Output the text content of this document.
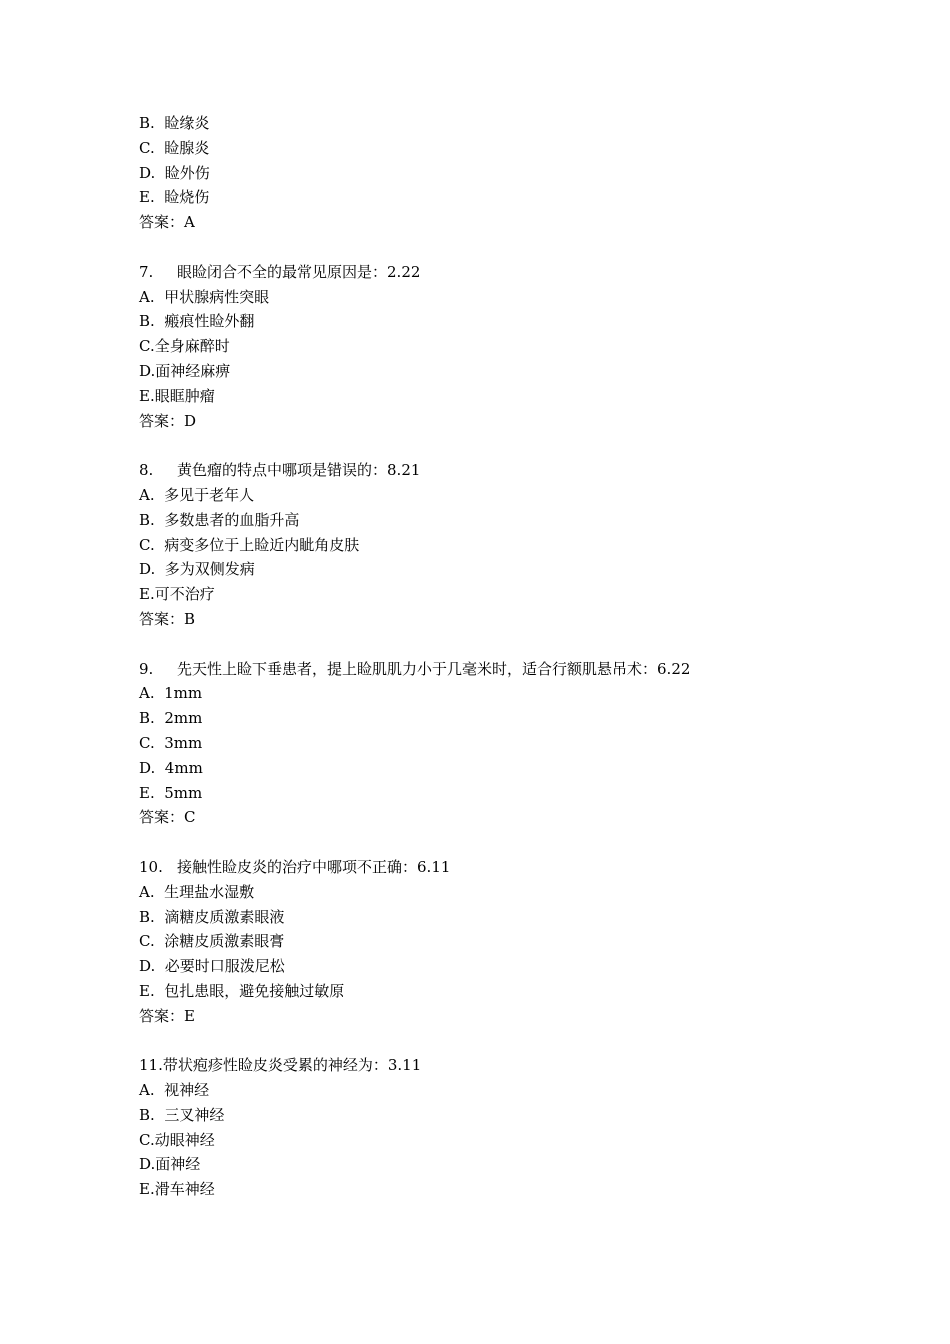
B.  睑缘炎
C.  睑腺炎
D.  睑外伤
E.  睑烧伤
答案：A
7. 眼睑闭合不全的最常见原因是：2.22
A.  甲状腺病性突眼
B.  瘢痕性睑外翻
C.全身麻醉时
D.面神经麻痹
E.眼眶肿瘤
答案：D
8. 黄色瘤的特点中哪项是错误的：8.21
A.  多见于老年人
B.  多数患者的血脂升高
C.  病变多位于上睑近内眦角皮肤
D.  多为双侧发病
E.可不治疗
答案：B
9. 先天性上睑下垂患者，提上睑肌肌力小于几毫米时，适合行额肌悬吊术：6.22
A.  1mm
B.  2mm
C.  3mm
D.  4mm
E.  5mm
答案：C
10. 接触性睑皮炎的治疗中哪项不正确：6.11
A.  生理盐水湿敷
B.  滴糖皮质激素眼液
C.  涂糖皮质激素眼膏
D.  必要时口服泼尼松
E.  包扎患眼，避免接触过敏原
答案：E
11.带状疱疹性睑皮炎受累的神经为：3.11
A.  视神经
B.  三叉神经
C.动眼神经
D.面神经
E.滑车神经
